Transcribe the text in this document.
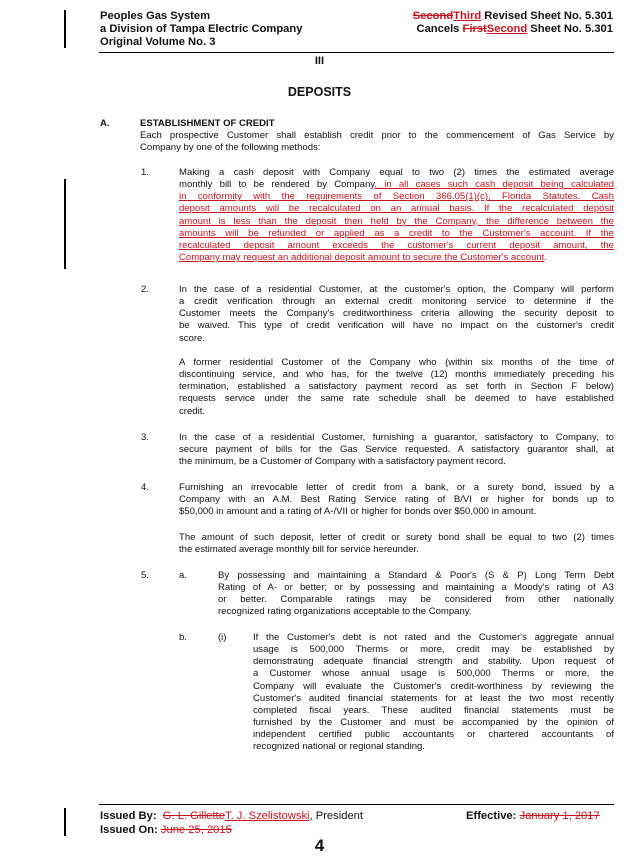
Peoples Gas System
a Division of Tampa Electric Company
Original Volume No. 3
SecondThird Revised Sheet No. 5.301
Cancels FirstSecond Sheet No. 5.301
III
DEPOSITS
A.	ESTABLISHMENT OF CREDIT
Each prospective Customer shall establish credit prior to the commencement of Gas Service by
Company by one of the following methods:
1.	Making a cash deposit with Company equal to two (2) times the estimated average
monthly bill to be rendered by Company, in all cases such cash deposit being calculated
in conformity with the requirements of Section 366.05(1)(c), Florida Statutes. Cash
deposit amounts will be recalculated on an annual basis. If the recalculated deposit
amount is less than the deposit then held by the Company, the difference between the
amounts will be refunded or applied as a credit to the Customer's account. If the
recalculated deposit amount exceeds the customer's current deposit amount, the
Company may request an additional deposit amount to secure the Customer's account.
2.	In the case of a residential Customer, at the customer's option, the Company will perform
a credit verification through an external credit monitoring service to determine if the
Customer meets the Company's creditworthiness criteria allowing the security deposit to
be waived. This type of credit verification will have no impact on the customer's credit
score.
A former residential Customer of the Company who (within six months of the time of
discontinuing service, and who has, for the twelve (12) months immediately preceding his
termination, established a satisfactory payment record as set forth in Section F below)
requests service under the same rate schedule shall be deemed to have established
credit.
3.	In the case of a residential Customer, furnishing a guarantor, satisfactory to Company, to
secure payment of bills for the Gas Service requested. A satisfactory guarantor shall, at
the minimum, be a Customer of Company with a satisfactory payment record.
4.	Furnishing an irrevocable letter of credit from a bank, or a surety bond, issued by a
Company with an A.M. Best Rating Service rating of B/VI or higher for bonds up to
$50,000 in amount and a rating of A-/VII or higher for bonds over $50,000 in amount.
The amount of such deposit, letter of credit or surety bond shall be equal to two (2) times
the estimated average monthly bill for service hereunder.
5.	a.	By possessing and maintaining a Standard & Poor's (S & P) Long Term Debt
Rating of A- or better; or by possessing and maintaining a Moody's rating of A3
or better. Comparable ratings may be considered from other nationally
recognized rating organizations acceptable to the Company.
b.	(i)	If the Customer's debt is not rated and the Customer's aggregate annual
usage is 500,000 Therms or more, credit may be established by
demonstrating adequate financial strength and stability. Upon request of
a Customer whose annual usage is 500,000 Therms or more, the
Company will evaluate the Customer's credit-worthiness by reviewing the
Customer's audited financial statements for at least the two most recently
completed fiscal years. These audited financial statements must be
furnished by the Customer and must be accompanied by the opinion of
independent certified public accountants or chartered accountants of
recognized national or regional standing.
Issued By: G. L. GilletteT. J. Szelistowski, President	Effective: January 1, 2017
Issued On: June 25, 2015
4
